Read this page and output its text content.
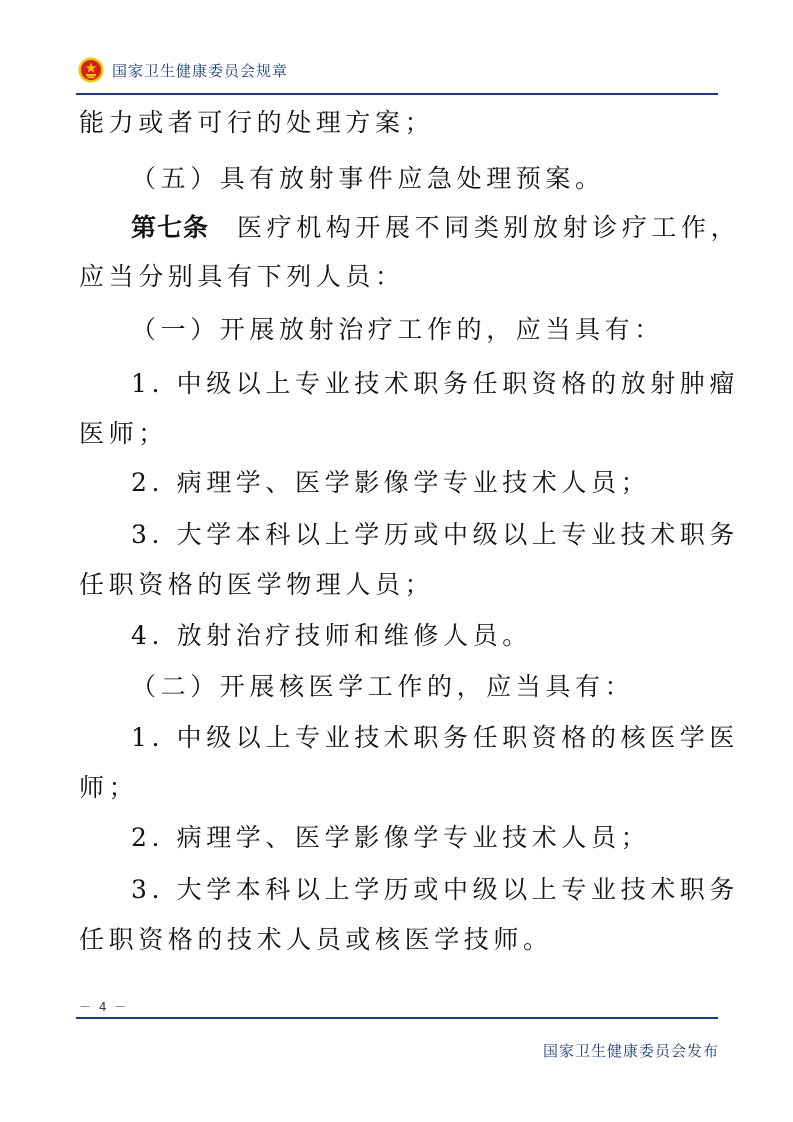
国家卫生健康委员会规章
能力或者可行的处理方案；
（五）具有放射事件应急处理预案。
第七条 医疗机构开展不同类别放射诊疗工作，
应当分别具有下列人员：
（一）开展放射治疗工作的，应当具有：
1. 中级以上专业技术职务任职资格的放射肿瘤
医师；
2. 病理学、医学影像学专业技术人员；
3. 大学本科以上学历或中级以上专业技术职务
任职资格的医学物理人员；
4. 放射治疗技师和维修人员。
（二）开展核医学工作的，应当具有：
1. 中级以上专业技术职务任职资格的核医学医
师；
2. 病理学、医学影像学专业技术人员；
3. 大学本科以上学历或中级以上专业技术职务
任职资格的技术人员或核医学技师。
－ 4 －
国家卫生健康委员会发布
